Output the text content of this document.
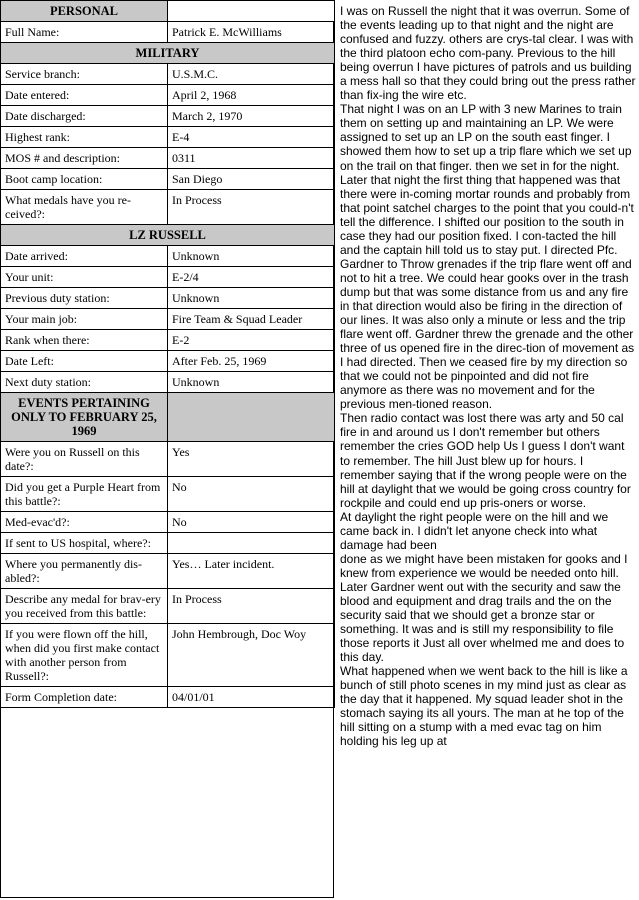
PERSONAL	
Full Name:	Patrick E. McWilliams
MILITARY	
Service branch:	U.S.M.C.
Date entered:	April 2, 1968
Date discharged:	March 2, 1970
Highest rank:	E-4
MOS # and description:	0311
Boot camp location:	San Diego
What medals have you re-ceived?:	In Process
LZ RUSSELL	
Date arrived:	Unknown
Your unit:	E-2/4
Previous duty station:	Unknown
Your main job:	Fire Team & Squad Leader
Rank when there:	E-2
Date Left:	After Feb. 25, 1969
Next duty station:	Unknown
EVENTS PERTAINING ONLY TO FEBRUARY 25, 1969	
Were you on Russell on this date?:	Yes
Did you get a Purple Heart from this battle?:	No
Med-evac'd?:	No
If sent to US hospital, where?:	
Where you permanently dis-abled?:	Yes… Later incident.
Describe any medal for brav-ery you received from this battle:	In Process
If you were flown off the hill, when did you first make contact with another person from Russell?:	John Hembrough, Doc Woy
Form Completion date:	04/01/01
I was on Russell the night that it was overrun. Some of the events leading up to that night and the night are confused and fuzzy. others are crys-tal clear. I was with the third platoon echo com-pany. Previous to the hill being overrun I have pictures of patrols and us building a mess hall so that they could bring out the press rather than fix-ing the wire etc.
That night I was on an LP with 3 new Marines to train them on setting up and maintaining an LP. We were assigned to set up an LP on the south east finger. I showed them how to set up a trip flare which we set up on the trail on that finger. then we set in for the night. Later that night the first thing that happened was that there were in-coming mortar rounds and probably from that point satchel charges to the point that you could-n't tell the difference. I shifted our position to the south in case they had our position fixed. I con-tacted the hill and the captain hill told us to stay put. I directed Pfc. Gardner to Throw grenades if the trip flare went off and not to hit a tree. We could hear gooks over in the trash dump but that was some distance from us and any fire in that direction would also be firing in the direction of our lines. It was also only a minute or less and the trip flare went off. Gardner threw the grenade and the other three of us opened fire in the direc-tion of movement as I had directed. Then we ceased fire by my direction so that we could not be pinpointed and did not fire anymore as there was no movement and for the previous men-tioned reason.
Then radio contact was lost there was arty and 50 cal fire in and around us I don't remember but others remember the cries GOD help Us I guess I don't want to remember. The hill Just blew up for hours. I remember saying that if the wrong people were on the hill at daylight that we would be going cross country for rockpile and could end up pris-oners or worse.
At daylight the right people were on the hill and we came back in. I didn't let anyone check into what damage had been
done as we might have been mistaken for gooks and I knew from experience we would be needed onto hill. Later Gardner went out with the security and saw the blood and equipment and drag trails and the on the security said that we should get a bronze star or something. It was and is still my responsibility to file those reports it Just all over whelmed me and does to this day.
What happened when we went back to the hill is like a bunch of still photo scenes in my mind just as clear as the day that it happened. My squad leader shot in the stomach saying its all yours. The man at he top of the hill sitting on a stump with a med evac tag on him holding his leg up at
